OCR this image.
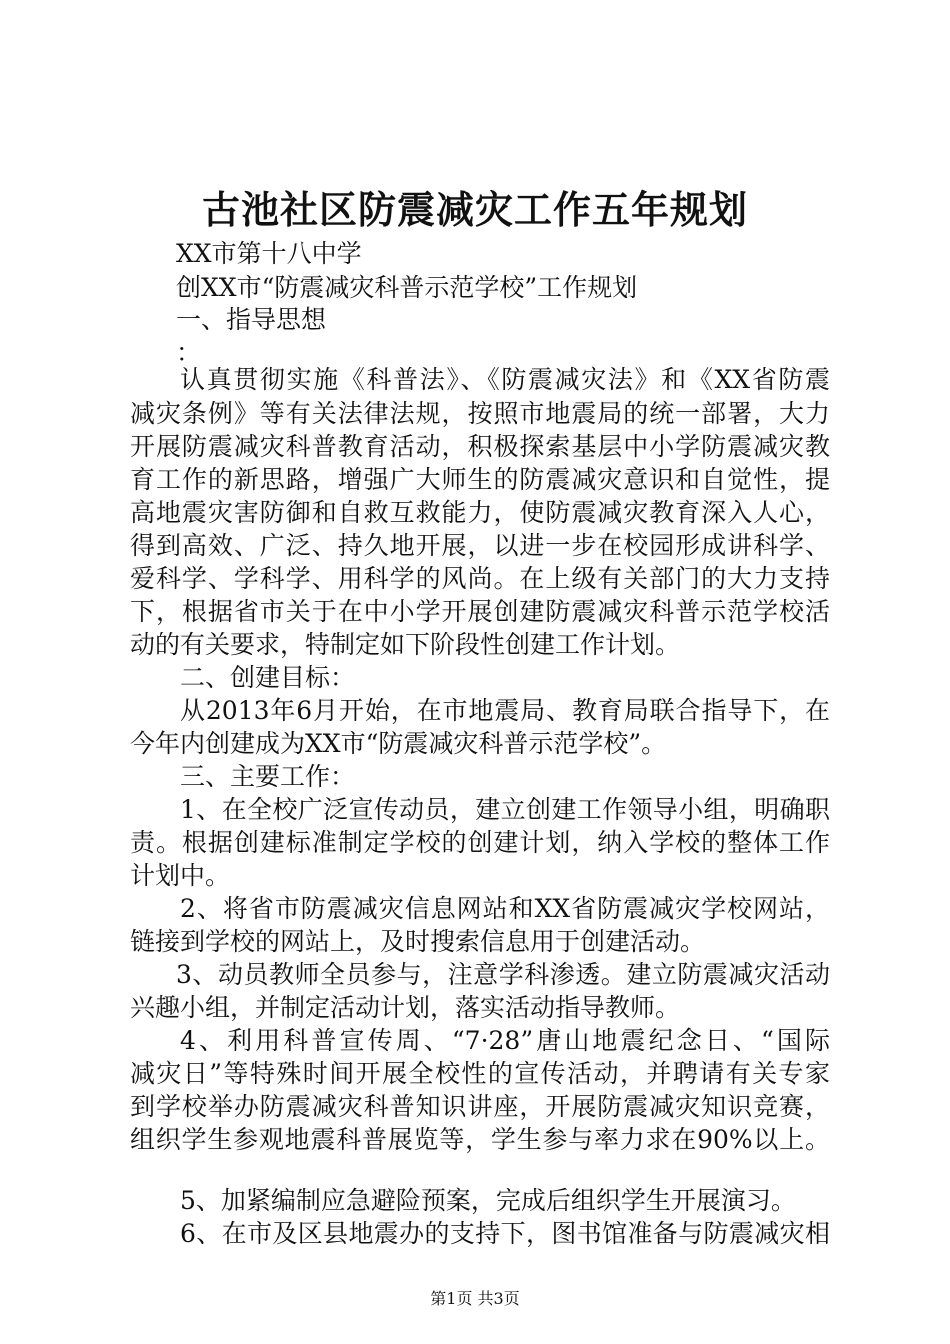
古池社区防震减灾工作五年规划
XX市第十八中学
创XX市“防震减灾科普示范学校”工作规划
一、指导思想
：
认真贯彻实施《科普法》、《防震减灾法》和《XX省防震
减灾条例》等有关法律法规，按照市地震局的统一部署，大力
开展防震减灾科普教育活动，积极探索基层中小学防震减灾教
育工作的新思路，增强广大师生的防震减灾意识和自觉性，提
高地震灾害防御和自救互救能力，使防震减灾教育深入人心，
得到高效、广泛、持久地开展，以进一步在校园形成讲科学、
爱科学、学科学、用科学的风尚。在上级有关部门的大力支持
下，根据省市关于在中小学开展创建防震减灾科普示范学校活
动的有关要求，特制定如下阶段性创建工作计划。
二、创建目标：
从2013年6月开始，在市地震局、教育局联合指导下，在
今年内创建成为XX市“防震减灾科普示范学校”。
三、主要工作：
1、在全校广泛宣传动员，建立创建工作领导小组，明确职
责。根据创建标准制定学校的创建计划，纳入学校的整体工作
计划中。
2、将省市防震减灾信息网站和XX省防震减灾学校网站，
链接到学校的网站上，及时搜索信息用于创建活动。
3、动员教师全员参与，注意学科渗透。建立防震减灾活动
兴趣小组，并制定活动计划，落实活动指导教师。
4、利用科普宣传周、“7·28”唐山地震纪念日、“国际
减灾日”等特殊时间开展全校性的宣传活动，并聘请有关专家
到学校举办防震减灾科普知识讲座，开展防震减灾知识竞赛，
组织学生参观地震科普展览等，学生参与率力求在90%以上。
5、加紧编制应急避险预案，完成后组织学生开展演习。
6、在市及区县地震办的支持下，图书馆准备与防震减灾相
第1页 共3页
